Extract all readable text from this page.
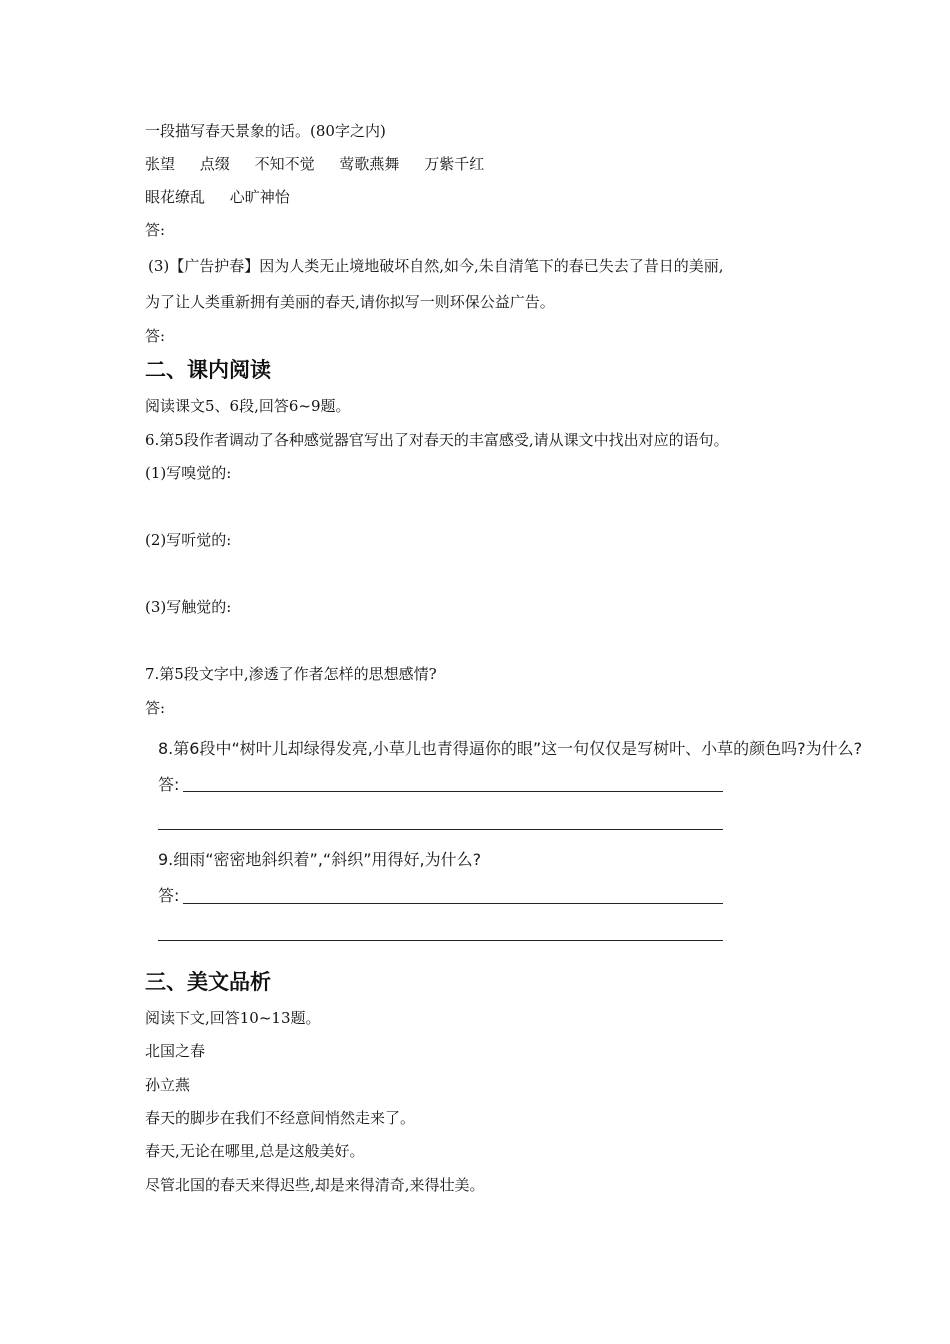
一段描写春天景象的话。(80字之内)
张望 点缀 不知不觉 莺歌燕舞 万紫千红
眼花缭乱 心旷神怡
答:
(3)【广告护春】因为人类无止境地破坏自然,如今,朱自清笔下的春已失去了昔日的美丽,
为了让人类重新拥有美丽的春天,请你拟写一则环保公益广告。
答:
二、课内阅读
阅读课文5、6段,回答6~9题。
6.第5段作者调动了各种感觉器官写出了对春天的丰富感受,请从课文中找出对应的语句。
(1)写嗅觉的:
(2)写听觉的:
(3)写触觉的:
7.第5段文字中,渗透了作者怎样的思想感情?
答:
8.第6段中“树叶儿却绿得发亮,小草儿也青得逼你的眼”这一句仅仅是写树叶、小草的颜色吗?为什么?
答:
9.细雨“密密地斜织着”,“斜织”用得好,为什么?
答:
三、美文品析
阅读下文,回答10~13题。
北国之春
孙立燕
春天的脚步在我们不经意间悄然走来了。
春天,无论在哪里,总是这般美好。
尽管北国的春天来得迟些,却是来得清奇,来得壮美。
